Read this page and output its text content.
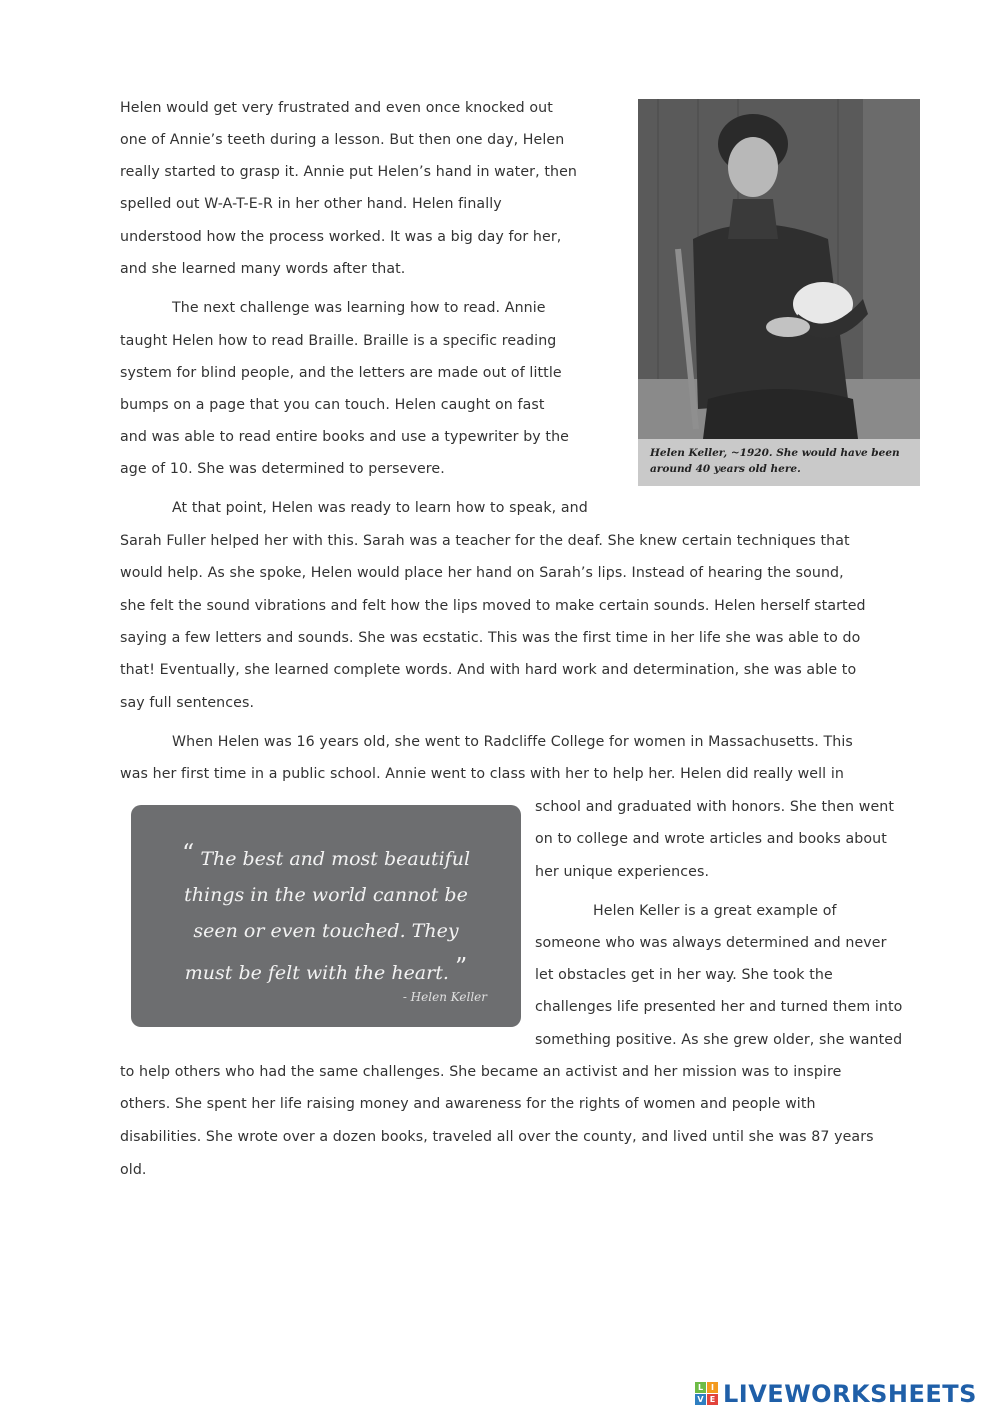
Helen would get very frustrated and even once knocked out
one of Annie’s teeth during a lesson. But then one day, Helen
really started to grasp it. Annie put Helen’s hand in water, then
spelled out W-A-T-E-R in her other hand. Helen finally
understood how the process worked. It was a big day for her,
and she learned many words after that.
The next challenge was learning how to read. Annie
taught Helen how to read Braille. Braille is a specific reading
system for blind people, and the letters are made out of little
bumps on a page that you can touch. Helen caught on fast
and was able to read entire books and use a typewriter by the
age of 10. She was determined to persevere.
Helen Keller, ~1920. She would have been around 40 years old here.
At that point, Helen was ready to learn how to speak, and
Sarah Fuller helped her with this. Sarah was a teacher for the deaf. She knew certain techniques that
would help. As she spoke, Helen would place her hand on Sarah’s lips. Instead of hearing the sound,
she felt the sound vibrations and felt how the lips moved to make certain sounds. Helen herself started
saying a few letters and sounds. She was ecstatic. This was the first time in her life she was able to do
that! Eventually, she learned complete words. And with hard work and determination, she was able to
say full sentences.
When Helen was 16 years old, she went to Radcliffe College for women in Massachusetts. This
was her first time in a public school. Annie went to class with her to help her. Helen did really well in
school and graduated with honors. She then went
on to college and wrote articles and books about
her unique experiences.
“ The best and most beautiful
things in the world cannot be
seen or even touched. They
must be felt with the heart. ”
- Helen Keller
Helen Keller is a great example of
someone who was always determined and never
let obstacles get in her way. She took the
challenges life presented her and turned them into
something positive. As she grew older, she wanted
to help others who had the same challenges. She became an activist and her mission was to inspire
others. She spent her life raising money and awareness for the rights of women and people with
disabilities. She wrote over a dozen books, traveled all over the county, and lived until she was 87 years
old.
L I
V E LIVEWORKSHEETS
